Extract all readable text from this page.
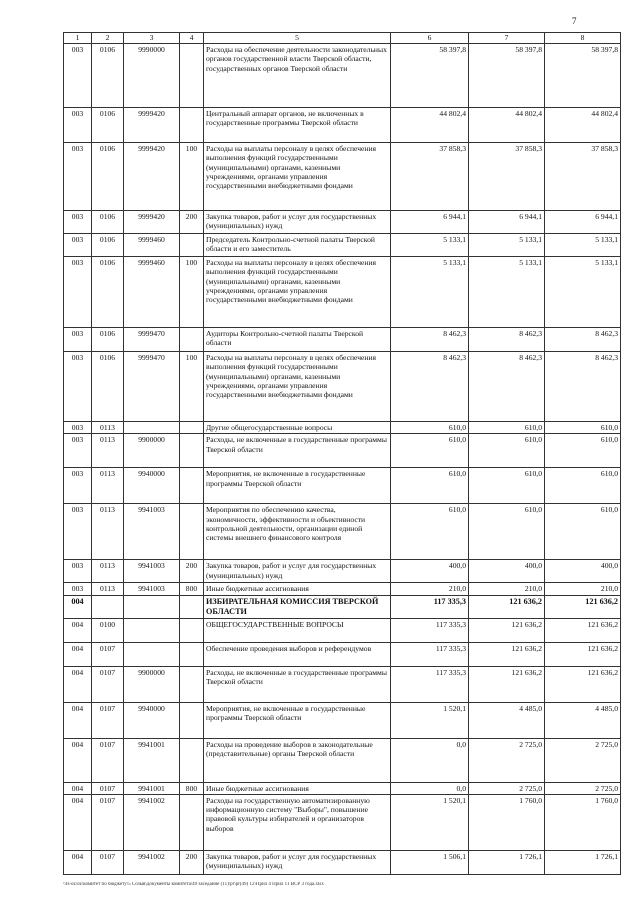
7
1	2	3	4	5	6	7	8
003	0106	9990000		Расходы на обеспечение деятельности законодательных органов государственной власти Тверской области, государственных органов Тверской области	58 397,8	58 397,8	58 397,8
003	0106	9999420		Центральный аппарат органов, не включенных в государственные программы Тверской области	44 802,4	44 802,4	44 802,4
003	0106	9999420	100	Расходы на выплаты персоналу в целях обеспечения выполнения функций государственными (муниципальными) органами, казенными учреждениями, органами управления государственными внебюджетными фондами	37 858,3	37 858,3	37 858,3
003	0106	9999420	200	Закупка товаров, работ и услуг для государственных (муниципальных) нужд	6 944,1	6 944,1	6 944,1
003	0106	9999460		Председатель Контрольно-счетной палаты Тверской области и его заместитель	5 133,1	5 133,1	5 133,1
003	0106	9999460	100	Расходы на выплаты персоналу в целях обеспечения выполнения функций государственными (муниципальными) органами, казенными учреждениями, органами управления государственными внебюджетными фондами	5 133,1	5 133,1	5 133,1
003	0106	9999470		Аудиторы Контрольно-счетной палаты Тверской области	8 462,3	8 462,3	8 462,3
003	0106	9999470	100	Расходы на выплаты персоналу в целях обеспечения выполнения функций государственными (муниципальными) органами, казенными учреждениями, органами управления государственными внебюджетными фондами	8 462,3	8 462,3	8 462,3
003	0113			Другие общегосударственные вопросы	610,0	610,0	610,0
003	0113	9900000		Расходы, не включенные в государственные программы Тверской области	610,0	610,0	610,0
003	0113	9940000		Мероприятия, не включенные в государственные программы Тверской области	610,0	610,0	610,0
003	0113	9941003		Мероприятия по обеспечению качества, экономичности, эффективности и объективности контрольной деятельности, организации единой системы внешнего финансового контроля	610,0	610,0	610,0
003	0113	9941003	200	Закупка товаров, работ и услуг для государственных (муниципальных) нужд	400,0	400,0	400,0
003	0113	9941003	800	Иные бюджетные ассигнования	210,0	210,0	210,0
004				ИЗБИРАТЕЛЬНАЯ КОМИССИЯ ТВЕРСКОЙ ОБЛАСТИ	117 335,3	121 636,2	121 636,2
004	0100			ОБЩЕГОСУДАРСТВЕННЫЕ ВОПРОСЫ	117 335,3	121 636,2	121 636,2
004	0107			Обеспечение проведения выборов и референдумов	117 335,3	121 636,2	121 636,2
004	0107	9900000		Расходы, не включенные в государственные программы Тверской области	117 335,3	121 636,2	121 636,2
004	0107	9940000		Мероприятия, не включенные в государственные программы Тверской области	1 520,1	4 485,0	4 485,0
004	0107	9941001		Расходы на проведение выборов в законодательные (представительные) органы Тверской области	0,0	2 725,0	2 725,0
004	0107	9941001	800	Иные бюджетные ассигнования	0,0	2 725,0	2 725,0
004	0107	9941002		Расходы на государственную автоматизированную информационную систему "Выборы", повышение правовой культуры избирателей и организаторов выборов	1 520,1	1 760,0	1 760,0
004	0107	9941002	200	Закупка товаров, работ и услуг для государственных (муниципальных) нужд	1 506,1	1 726,1	1 726,1
\\fs-oz\oz\комитет по бюджету\5 Созыв\документы комитета\49 заседание (11)\pr\pr(49) 12\Прил 4 Прил 11 ВСР 3 года.xlsx
